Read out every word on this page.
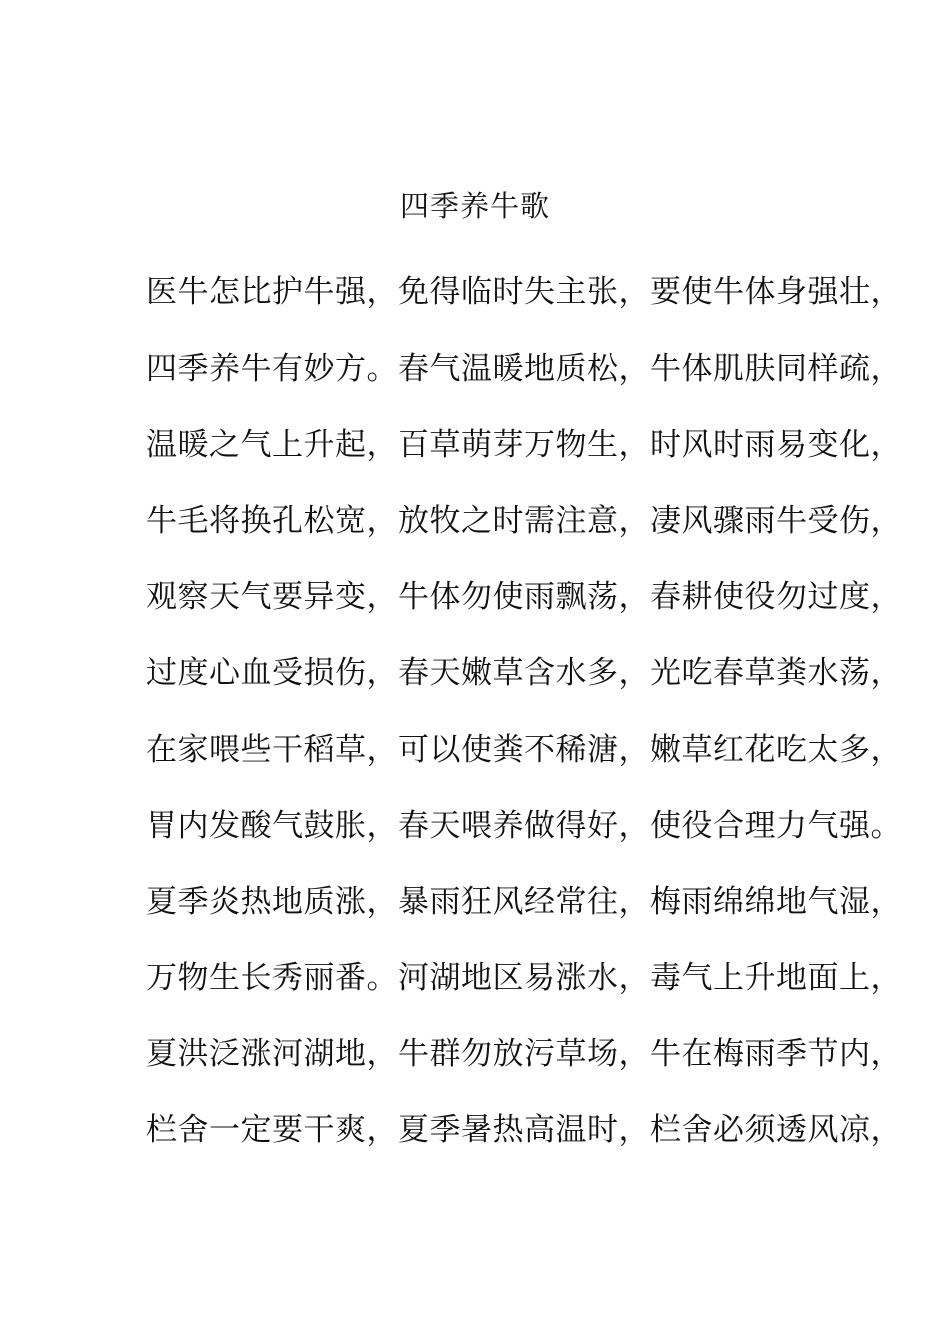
四季养牛歌
医牛怎比护牛强，免得临时失主张，要使牛体身强壮，
四季养牛有妙方。春气温暖地质松，牛体肌肤同样疏，
温暖之气上升起，百草萌芽万物生，时风时雨易变化，
牛毛将换孔松宽，放牧之时需注意，凄风骤雨牛受伤，
观察天气要异变，牛体勿使雨飘荡，春耕使役勿过度，
过度心血受损伤，春天嫩草含水多，光吃春草粪水荡，
在家喂些干稻草，可以使粪不稀溏，嫩草红花吃太多，
胃内发酸气鼓胀，春天喂养做得好，使役合理力气强。
夏季炎热地质涨，暴雨狂风经常往，梅雨绵绵地气湿，
万物生长秀丽番。河湖地区易涨水，毒气上升地面上，
夏洪泛涨河湖地，牛群勿放污草场，牛在梅雨季节内，
栏舍一定要干爽，夏季暑热高温时，栏舍必须透风凉，
